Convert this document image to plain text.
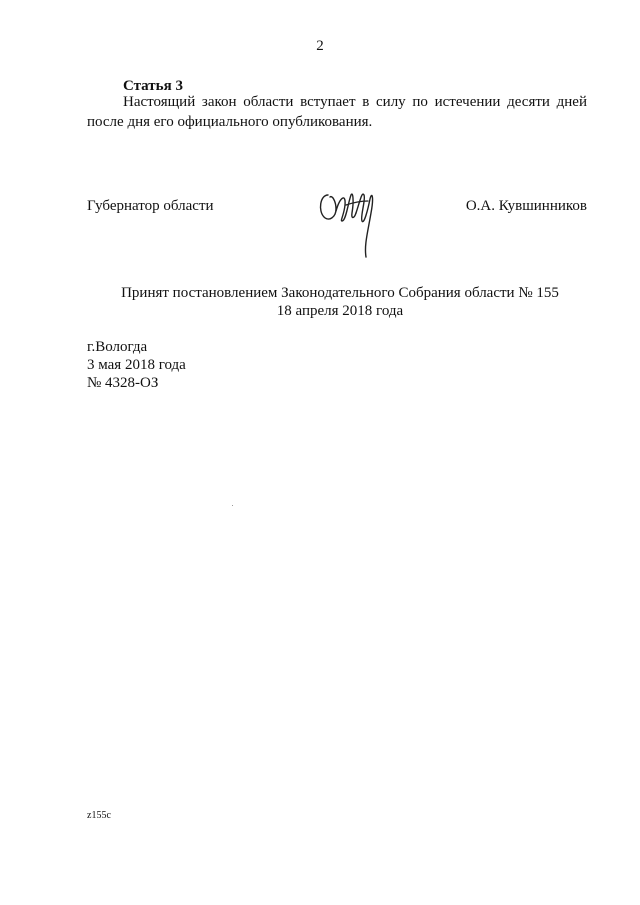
2
Статья 3

Настоящий закон области вступает в силу по истечении десяти дней после дня его официального опубликования.

Губернатор области	О.А. Кувшинников
Принят постановлением Законодательного Собрания области № 155
18 апреля 2018 года
г.Вологда
3 мая 2018 года
№ 4328-ОЗ
z155c
